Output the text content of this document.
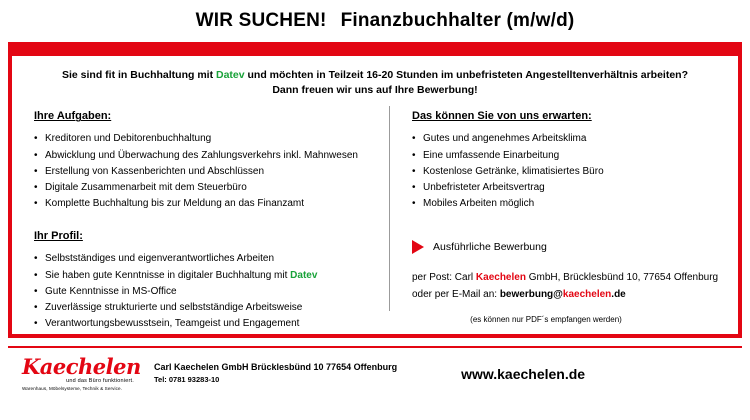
WIR SUCHEN! Finanzbuchhalter (m/w/d)
Sie sind fit in Buchhaltung mit Datev und möchten in Teilzeit 16-20 Stunden im unbefristeten Angestelltenverhältnis arbeiten?
Dann freuen wir uns auf Ihre Bewerbung!
Ihre Aufgaben:
• Kreditoren und Debitorenbuchhaltung
• Abwicklung und Überwachung des Zahlungsverkehrs inkl. Mahnwesen
• Erstellung von Kassenberichten und Abschlüssen
• Digitale Zusammenarbeit mit dem Steuerbüro
• Komplette Buchhaltung bis zur Meldung an das Finanzamt
Ihr Profil:
• Selbstständiges und eigenverantwortliches Arbeiten
• Sie haben gute Kenntnisse in digitaler Buchhaltung mit Datev
• Gute Kenntnisse in MS-Office
• Zuverlässige strukturierte und selbstständige Arbeitsweise
• Verantwortungsbewusstsein, Teamgeist und Engagement
Das können Sie von uns erwarten:
• Gutes und angenehmes Arbeitsklima
• Eine umfassende Einarbeitung
• Kostenlose Getränke, klimatisiertes Büro
• Unbefristeter Arbeitsvertrag
• Mobiles Arbeiten möglich
Ausführliche Bewerbung
per Post: Carl Kaechelen GmbH, Brücklesbünd 10, 77654 Offenburg
oder per E-Mail an: bewerbung@kaechelen.de
(es können nur PDF´s empfangen werden)
Kaechelen
und das Büro funktioniert.
Warenhaus, Möbelsysteme, Technik & Service.
Carl Kaechelen GmbH Brücklesbünd 10 77654 Offenburg
Tel: 0781 93283-10	www.kaechelen.de
